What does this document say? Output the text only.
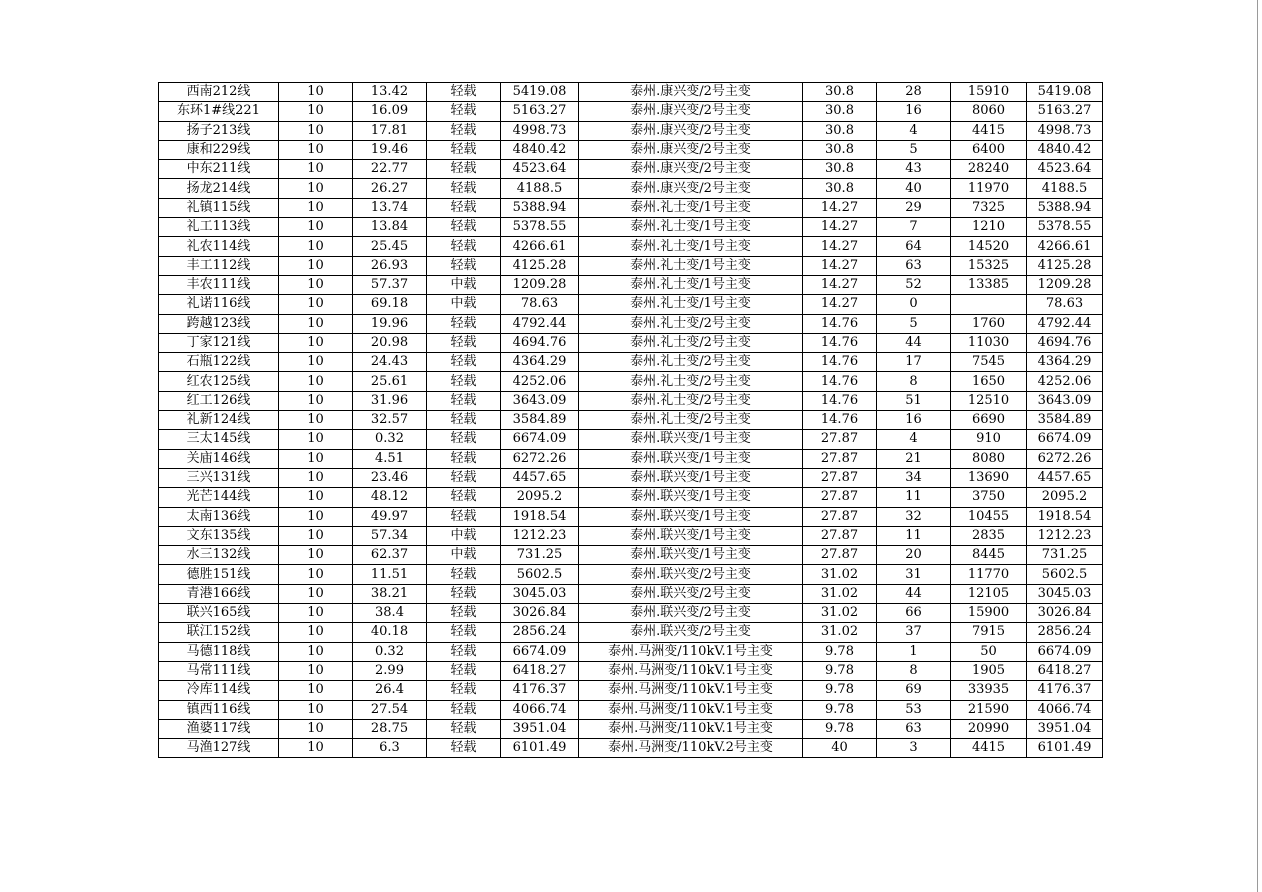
西南212线	10	13.42	轻载	5419.08	泰州.康兴变/2号主变	30.8	28	15910	5419.08
东环1#线221	10	16.09	轻载	5163.27	泰州.康兴变/2号主变	30.8	16	8060	5163.27
扬子213线	10	17.81	轻载	4998.73	泰州.康兴变/2号主变	30.8	4	4415	4998.73
康和229线	10	19.46	轻载	4840.42	泰州.康兴变/2号主变	30.8	5	6400	4840.42
中东211线	10	22.77	轻载	4523.64	泰州.康兴变/2号主变	30.8	43	28240	4523.64
扬龙214线	10	26.27	轻载	4188.5	泰州.康兴变/2号主变	30.8	40	11970	4188.5
礼镇115线	10	13.74	轻载	5388.94	泰州.礼士变/1号主变	14.27	29	7325	5388.94
礼工113线	10	13.84	轻载	5378.55	泰州.礼士变/1号主变	14.27	7	1210	5378.55
礼农114线	10	25.45	轻载	4266.61	泰州.礼士变/1号主变	14.27	64	14520	4266.61
丰工112线	10	26.93	轻载	4125.28	泰州.礼士变/1号主变	14.27	63	15325	4125.28
丰农111线	10	57.37	中载	1209.28	泰州.礼士变/1号主变	14.27	52	13385	1209.28
礼诺116线	10	69.18	中载	78.63	泰州.礼士变/1号主变	14.27	0		78.63
跨越123线	10	19.96	轻载	4792.44	泰州.礼士变/2号主变	14.76	5	1760	4792.44
丁家121线	10	20.98	轻载	4694.76	泰州.礼士变/2号主变	14.76	44	11030	4694.76
石瓶122线	10	24.43	轻载	4364.29	泰州.礼士变/2号主变	14.76	17	7545	4364.29
红农125线	10	25.61	轻载	4252.06	泰州.礼士变/2号主变	14.76	8	1650	4252.06
红工126线	10	31.96	轻载	3643.09	泰州.礼士变/2号主变	14.76	51	12510	3643.09
礼新124线	10	32.57	轻载	3584.89	泰州.礼士变/2号主变	14.76	16	6690	3584.89
三太145线	10	0.32	轻载	6674.09	泰州.联兴变/1号主变	27.87	4	910	6674.09
关庙146线	10	4.51	轻载	6272.26	泰州.联兴变/1号主变	27.87	21	8080	6272.26
三兴131线	10	23.46	轻载	4457.65	泰州.联兴变/1号主变	27.87	34	13690	4457.65
光芒144线	10	48.12	轻载	2095.2	泰州.联兴变/1号主变	27.87	11	3750	2095.2
太南136线	10	49.97	轻载	1918.54	泰州.联兴变/1号主变	27.87	32	10455	1918.54
文东135线	10	57.34	中载	1212.23	泰州.联兴变/1号主变	27.87	11	2835	1212.23
水三132线	10	62.37	中载	731.25	泰州.联兴变/1号主变	27.87	20	8445	731.25
德胜151线	10	11.51	轻载	5602.5	泰州.联兴变/2号主变	31.02	31	11770	5602.5
青港166线	10	38.21	轻载	3045.03	泰州.联兴变/2号主变	31.02	44	12105	3045.03
联兴165线	10	38.4	轻载	3026.84	泰州.联兴变/2号主变	31.02	66	15900	3026.84
联江152线	10	40.18	轻载	2856.24	泰州.联兴变/2号主变	31.02	37	7915	2856.24
马德118线	10	0.32	轻载	6674.09	泰州.马洲变/110kV.1号主变	9.78	1	50	6674.09
马常111线	10	2.99	轻载	6418.27	泰州.马洲变/110kV.1号主变	9.78	8	1905	6418.27
冷库114线	10	26.4	轻载	4176.37	泰州.马洲变/110kV.1号主变	9.78	69	33935	4176.37
镇西116线	10	27.54	轻载	4066.74	泰州.马洲变/110kV.1号主变	9.78	53	21590	4066.74
渔婆117线	10	28.75	轻载	3951.04	泰州.马洲变/110kV.1号主变	9.78	63	20990	3951.04
马渔127线	10	6.3	轻载	6101.49	泰州.马洲变/110kV.2号主变	40	3	4415	6101.49
